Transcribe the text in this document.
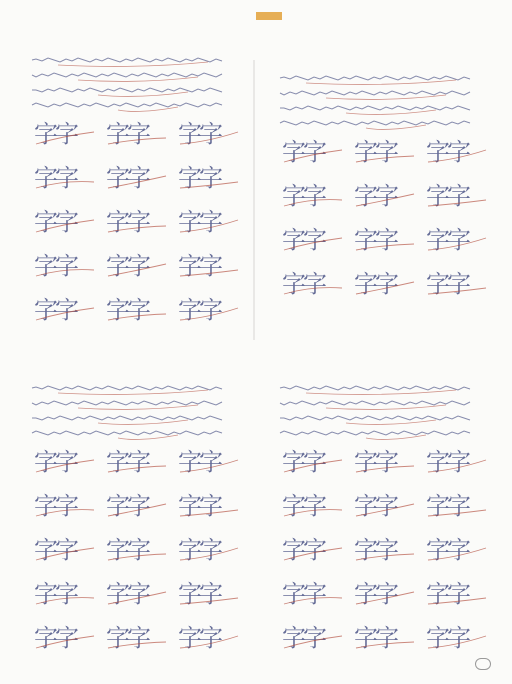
字字 字字 字字
字字 字字 字字
字字 字字 字字
字字 字字 字字
字字 字字 字字
字字 字字 字字
字字 字字 字字
字字 字字 字字
字字 字字 字字
字字 字字 字字
字字 字字 字字
字字 字字 字字
字字 字字 字字
字字 字字 字字
字字 字字 字字
字字 字字 字字
字字 字字 字字
字字 字字 字字
字字 字字 字字
